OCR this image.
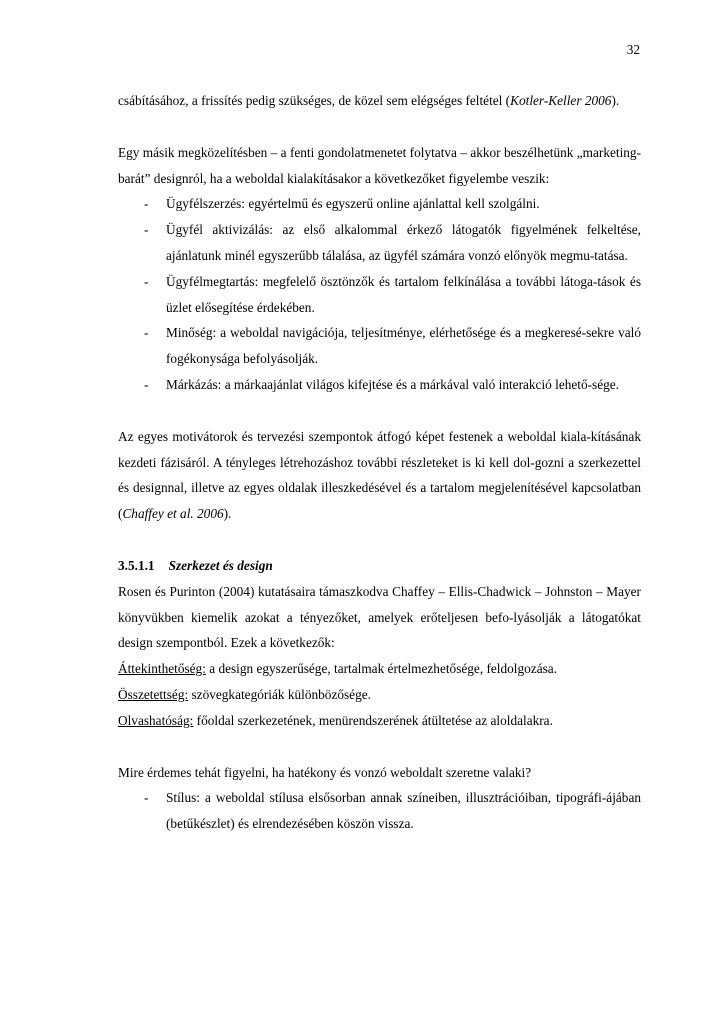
32

csábításához, a frissítés pedig szükséges, de közel sem elégséges feltétel (Kotler-Keller 2006).

Egy másik megközelítésben – a fenti gondolatmenetet folytatva – akkor beszélhetünk „marketing-barát” designról, ha a weboldal kialakításakor a következőket figyelembe veszik:

- Ügyfélszerzés: egyértelmű és egyszerű online ajánlattal kell szolgálni.
- Ügyfél aktivizálás: az első alkalommal érkező látogatók figyelmének felkeltése, ajánlatunk minél egyszerűbb tálalása, az ügyfél számára vonzó előnyök megmu-tatása.
- Ügyfélmegtartás: megfelelő ösztönzők és tartalom felkínálása a további látoga-tások és üzlet elősegítése érdekében.
- Minőség: a weboldal navigációja, teljesítménye, elérhetősége és a megkeresé-sekre való fogékonysága befolyásolják.
- Márkázás: a márkaajánlat világos kifejtése és a márkával való interakció lehető-sége.

Az egyes motivátorok és tervezési szempontok átfogó képet festenek a weboldal kiala-kításának kezdeti fázisáról. A tényleges létrehozáshoz további részleteket is ki kell dol-gozni a szerkezettel és designnal, illetve az egyes oldalak illeszkedésével és a tartalom megjelenítésével kapcsolatban (Chaffey et al. 2006).

3.5.1.1 Szerkezet és design

Rosen és Purinton (2004) kutatásaira támaszkodva Chaffey – Ellis-Chadwick – Johnston – Mayer könyvükben kiemelik azokat a tényezőket, amelyek erőteljesen befo-lyásolják a látogatókat design szempontból. Ezek a következők:

Áttekinthetőség: a design egyszerűsége, tartalmak értelmezhetősége, feldolgozása.

Összetettség: szövegkategóriák különbözősége.

Olvashatóság: főoldal szerkezetének, menürendszerének átültetése az aloldalakra.

Mire érdemes tehát figyelni, ha hatékony és vonzó weboldalt szeretne valaki?

- Stílus: a weboldal stílusa elsősorban annak színeiben, illusztrációiban, tipográfi-ájában (betűkészlet) és elrendezésében köszön vissza.
